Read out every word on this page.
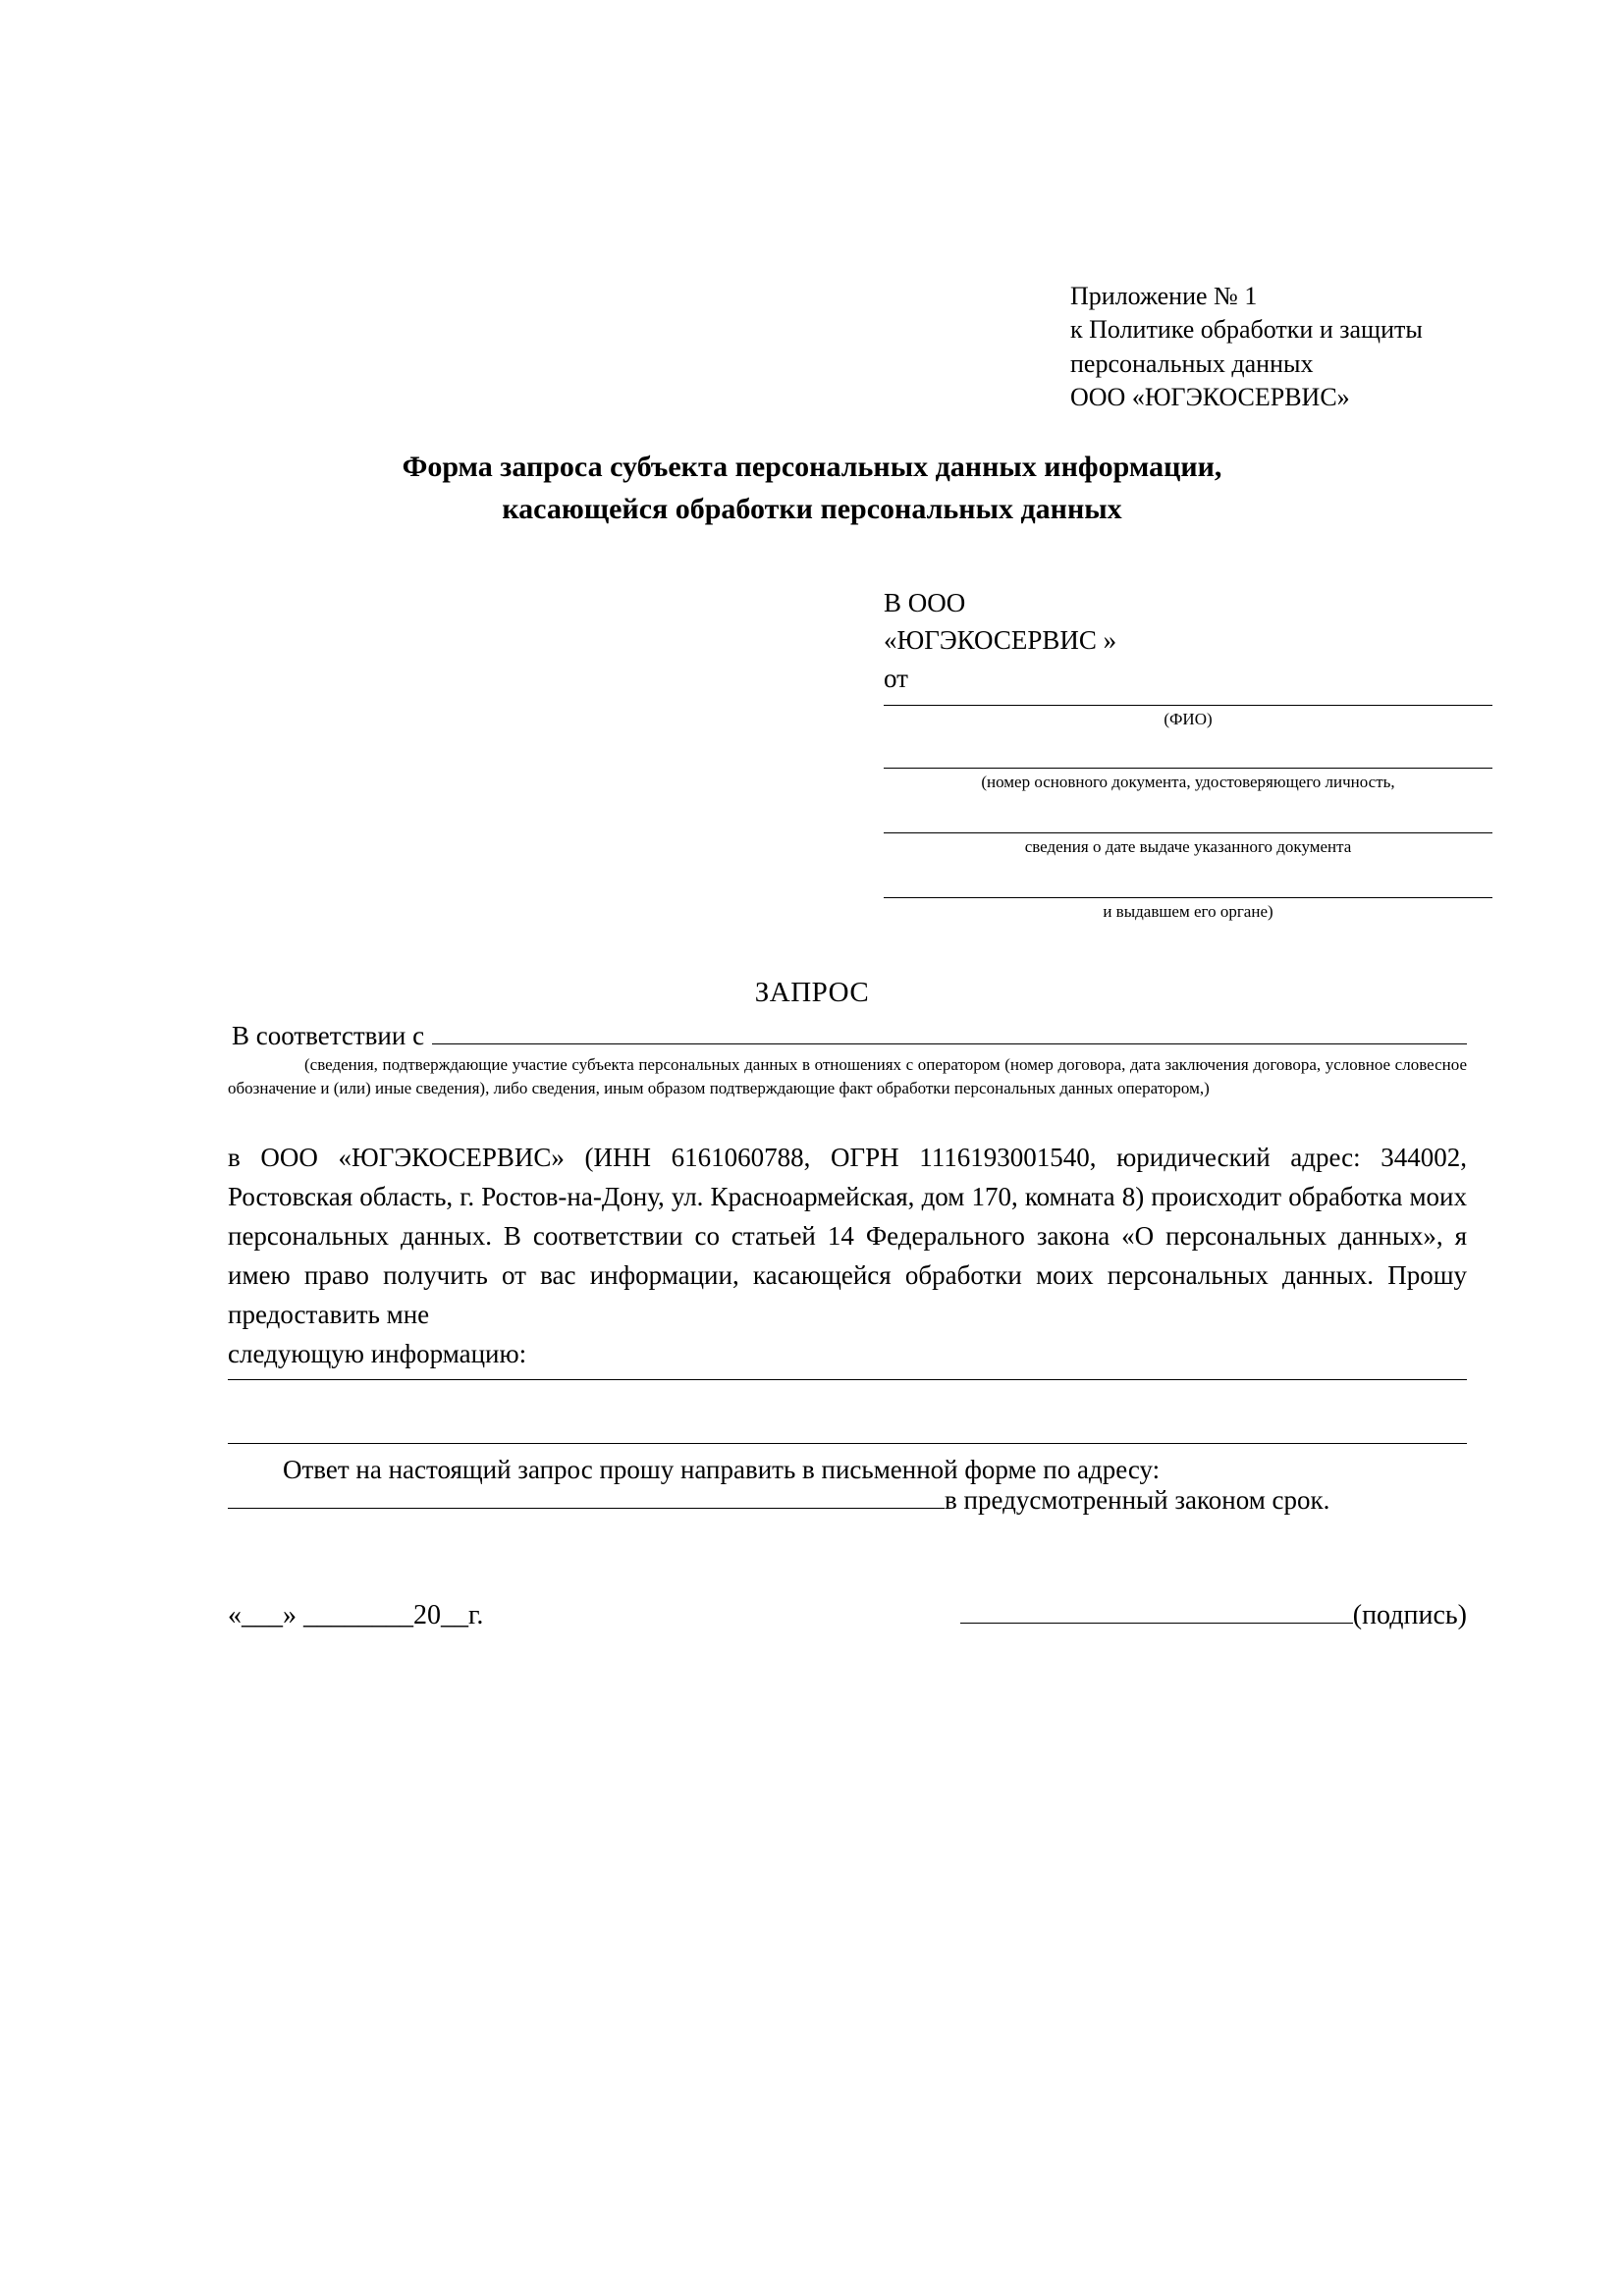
Приложение № 1
к Политике обработки и защиты
персональных данных
ООО «ЮГЭКОСЕРВИС»
Форма запроса субъекта персональных данных информации,
касающейся обработки персональных данных
В ООО
«ЮГЭКОСЕРВИС »
от
(ФИО)
(номер основного документа, удостоверяющего личность,
сведения о дате выдаче указанного документа
и выдавшем его органе)
ЗАПРОС
В соответствии с
(сведения, подтверждающие участие субъекта персональных данных в отношениях с оператором (номер договора, дата заключения договора, условное словесное обозначение и (или) иные сведения), либо сведения, иным образом подтверждающие факт обработки персональных данных оператором,)
в ООО «ЮГЭКОСЕРВИС» (ИНН 6161060788, ОГРН 1116193001540, юридический адрес: 344002, Ростовская область, г. Ростов-на-Дону, ул. Красноармейская, дом 170, комната 8) происходит обработка моих персональных данных. В соответствии со статьей 14 Федерального закона «О персональных данных», я имею право получить от вас информации, касающейся обработки моих персональных данных. Прошу предоставить мне
следующую информацию:
Ответ на настоящий запрос прошу направить в письменной форме по адресу:
в предусмотренный законом срок.
«___» ________20__г.	(подпись)
